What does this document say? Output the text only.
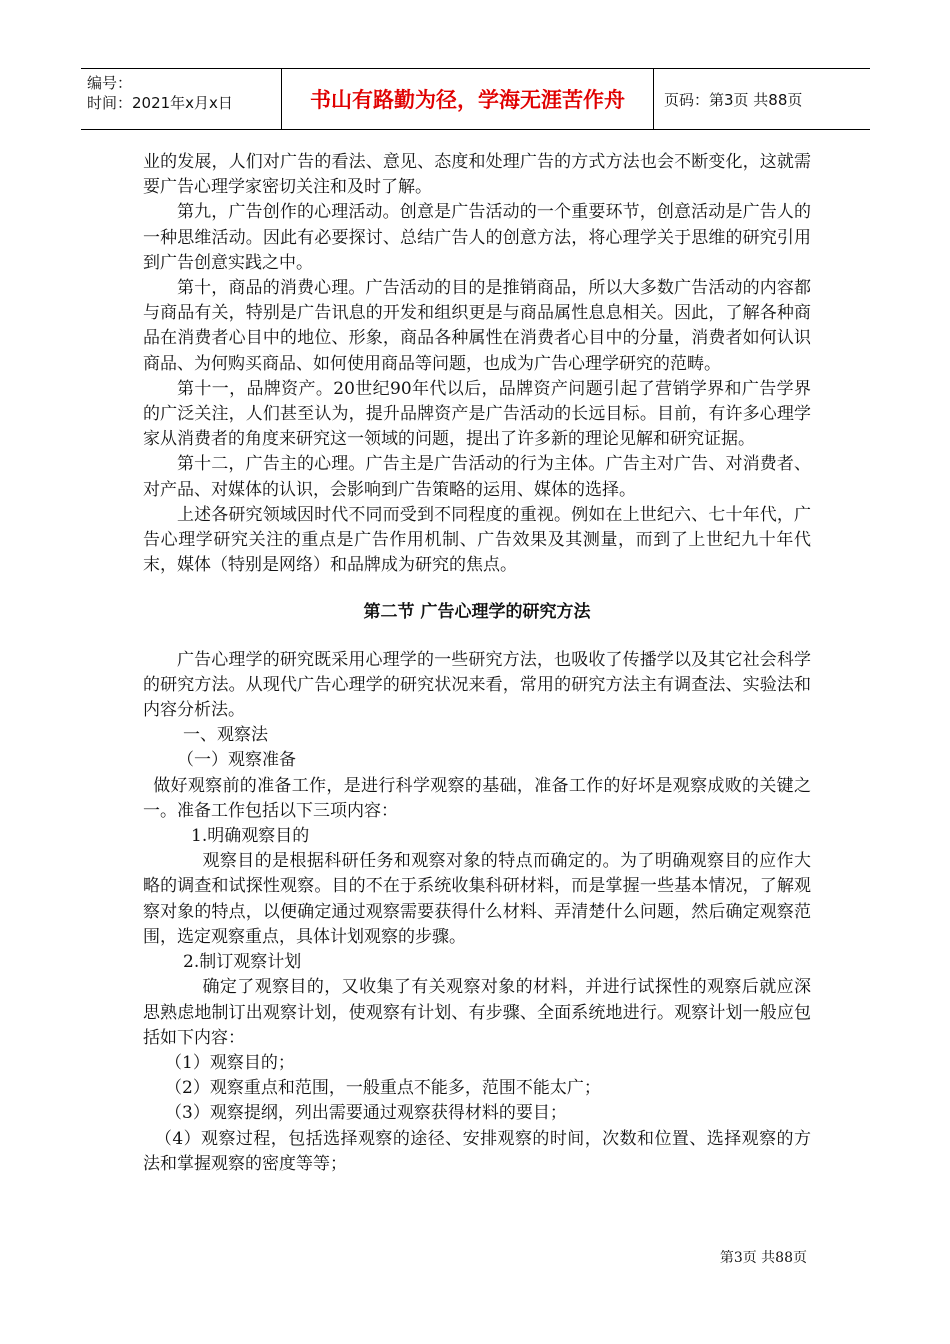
编号：
时间：2021年x月x日	书山有路勤为径，学海无涯苦作舟	页码：第3页 共88页

业的发展，人们对广告的看法、意见、态度和处理广告的方式方法也会不断变化，这就需要广告心理学家密切关注和及时了解。

第九，广告创作的心理活动。创意是广告活动的一个重要环节，创意活动是广告人的一种思维活动。因此有必要探讨、总结广告人的创意方法，将心理学关于思维的研究引用到广告创意实践之中。

第十，商品的消费心理。广告活动的目的是推销商品，所以大多数广告活动的内容都与商品有关，特别是广告讯息的开发和组织更是与商品属性息息相关。因此，了解各种商品在消费者心目中的地位、形象，商品各种属性在消费者心目中的分量，消费者如何认识商品、为何购买商品、如何使用商品等问题，也成为广告心理学研究的范畴。

第十一，品牌资产。20世纪90年代以后，品牌资产问题引起了营销学界和广告学界的广泛关注，人们甚至认为，提升品牌资产是广告活动的长远目标。目前，有许多心理学家从消费者的角度来研究这一领域的问题，提出了许多新的理论见解和研究证据。

第十二，广告主的心理。广告主是广告活动的行为主体。广告主对广告、对消费者、对产品、对媒体的认识，会影响到广告策略的运用、媒体的选择。

上述各研究领域因时代不同而受到不同程度的重视。例如在上世纪六、七十年代，广告心理学研究关注的重点是广告作用机制、广告效果及其测量，而到了上世纪九十年代末，媒体（特别是网络）和品牌成为研究的焦点。

第二节 广告心理学的研究方法

广告心理学的研究既采用心理学的一些研究方法，也吸收了传播学以及其它社会科学的研究方法。从现代广告心理学的研究状况来看，常用的研究方法主有调查法、实验法和内容分析法。

一、观察法

（一）观察准备

做好观察前的准备工作，是进行科学观察的基础，准备工作的好坏是观察成败的关键之一。准备工作包括以下三项内容：

1.明确观察目的

观察目的是根据科研任务和观察对象的特点而确定的。为了明确观察目的应作大略的调查和试探性观察。目的不在于系统收集科研材料，而是掌握一些基本情况，了解观察对象的特点，以便确定通过观察需要获得什么材料、弄清楚什么问题，然后确定观察范围，选定观察重点，具体计划观察的步骤。

2.制订观察计划

确定了观察目的，又收集了有关观察对象的材料，并进行试探性的观察后就应深思熟虑地制订出观察计划，使观察有计划、有步骤、全面系统地进行。观察计划一般应包括如下内容：

（1）观察目的；

（2）观察重点和范围，一般重点不能多，范围不能太广；

（3）观察提纲，列出需要通过观察获得材料的要目；

（4）观察过程，包括选择观察的途径、安排观察的时间，次数和位置、选择观察的方法和掌握观察的密度等等；

第3页 共88页
